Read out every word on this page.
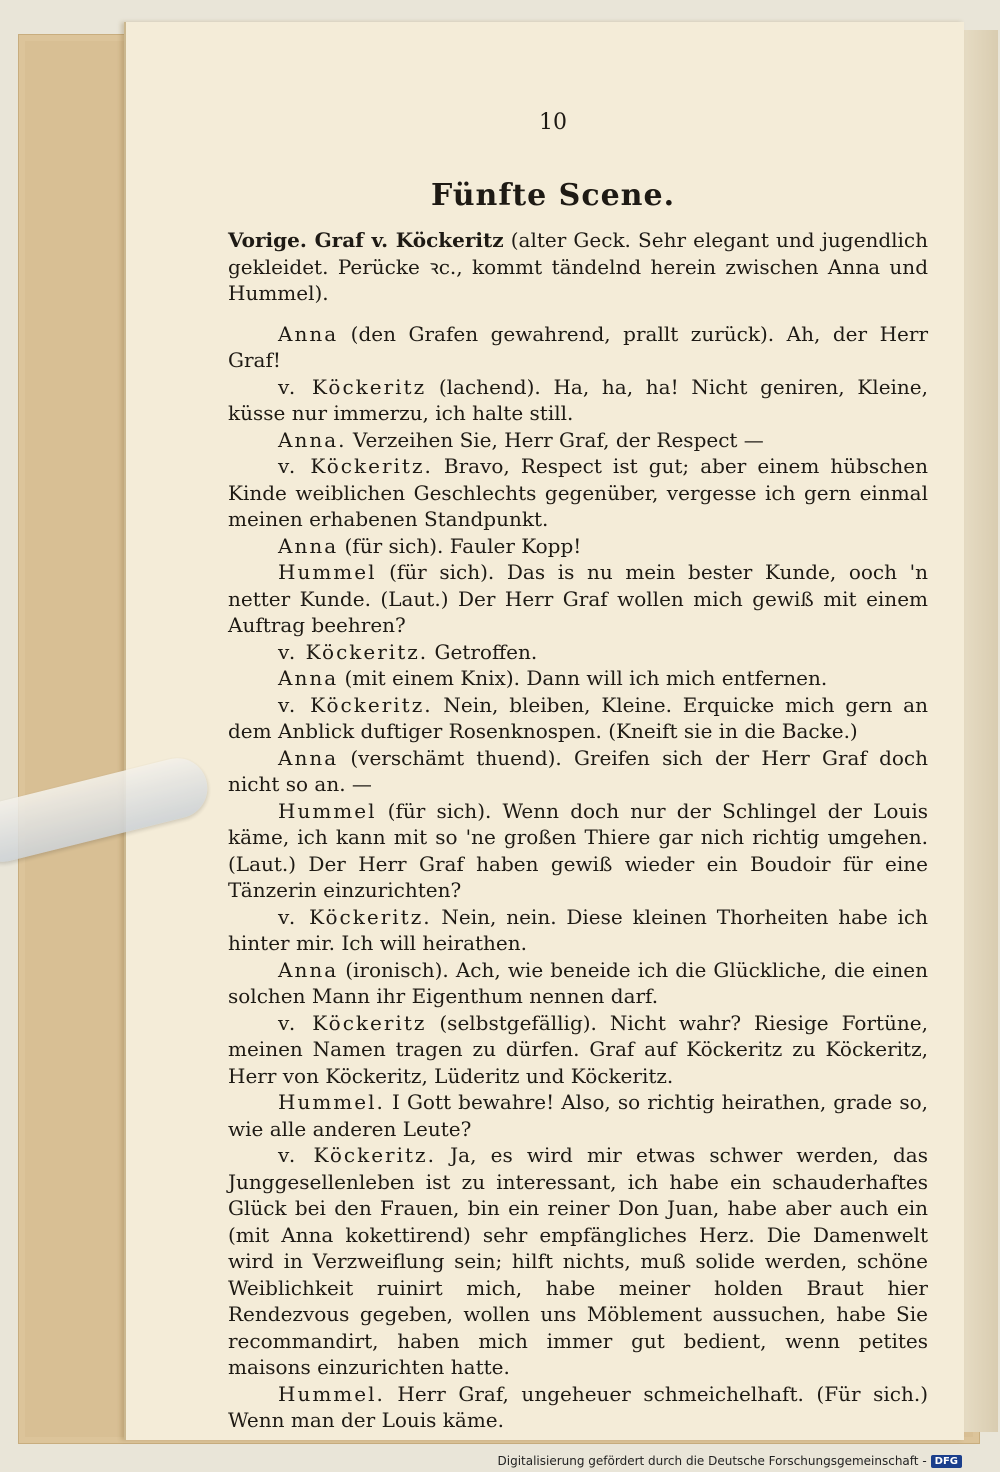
10
Fünfte Scene.
Vorige. Graf v. Köckeritz (alter Geck. Sehr elegant und jugendlich gekleidet. Perücke ꝛc., kommt tändelnd herein zwischen Anna und Hummel).

Anna (den Grafen gewahrend, prallt zurück). Ah, der Herr Graf!

v. Köckeritz (lachend). Ha, ha, ha! Nicht geniren, Kleine, küsse nur immerzu, ich halte still.

Anna. Verzeihen Sie, Herr Graf, der Respect —

v. Köckeritz. Bravo, Respect ist gut; aber einem hübschen Kinde weiblichen Geschlechts gegenüber, vergesse ich gern einmal meinen erhabenen Standpunkt.

Anna (für sich). Fauler Kopp!

Hummel (für sich). Das is nu mein bester Kunde, ooch 'n netter Kunde. (Laut.) Der Herr Graf wollen mich gewiß mit einem Auftrag beehren?

v. Köckeritz. Getroffen.

Anna (mit einem Knix). Dann will ich mich entfernen.

v. Köckeritz. Nein, bleiben, Kleine. Erquicke mich gern an dem Anblick duftiger Rosenknospen. (Kneift sie in die Backe.)

Anna (verschämt thuend). Greifen sich der Herr Graf doch nicht so an. —

Hummel (für sich). Wenn doch nur der Schlingel der Louis käme, ich kann mit so 'ne großen Thiere gar nich richtig umgehen. (Laut.) Der Herr Graf haben gewiß wieder ein Boudoir für eine Tänzerin einzurichten?

v. Köckeritz. Nein, nein. Diese kleinen Thorheiten habe ich hinter mir. Ich will heirathen.

Anna (ironisch). Ach, wie beneide ich die Glückliche, die einen solchen Mann ihr Eigenthum nennen darf.

v. Köckeritz (selbstgefällig). Nicht wahr? Riesige Fortüne, meinen Namen tragen zu dürfen. Graf auf Köckeritz zu Köckeritz, Herr von Köckeritz, Lüderitz und Köckeritz.

Hummel. I Gott bewahre! Also, so richtig heirathen, grade so, wie alle anderen Leute?

v. Köckeritz. Ja, es wird mir etwas schwer werden, das Junggesellenleben ist zu interessant, ich habe ein schauderhaftes Glück bei den Frauen, bin ein reiner Don Juan, habe aber auch ein (mit Anna kokettirend) sehr empfängliches Herz. Die Damenwelt wird in Verzweiflung sein; hilft nichts, muß solide werden, schöne Weiblichkeit ruinirt mich, habe meiner holden Braut hier Rendezvous gegeben, wollen uns Möblement aussuchen, habe Sie recommandirt, haben mich immer gut bedient, wenn petites maisons einzurichten hatte.

Hummel. Herr Graf, ungeheuer schmeichelhaft. (Für sich.) Wenn man der Louis käme.

Digitalisierung gefördert durch die Deutsche Forschungsgemeinschaft - DFG
